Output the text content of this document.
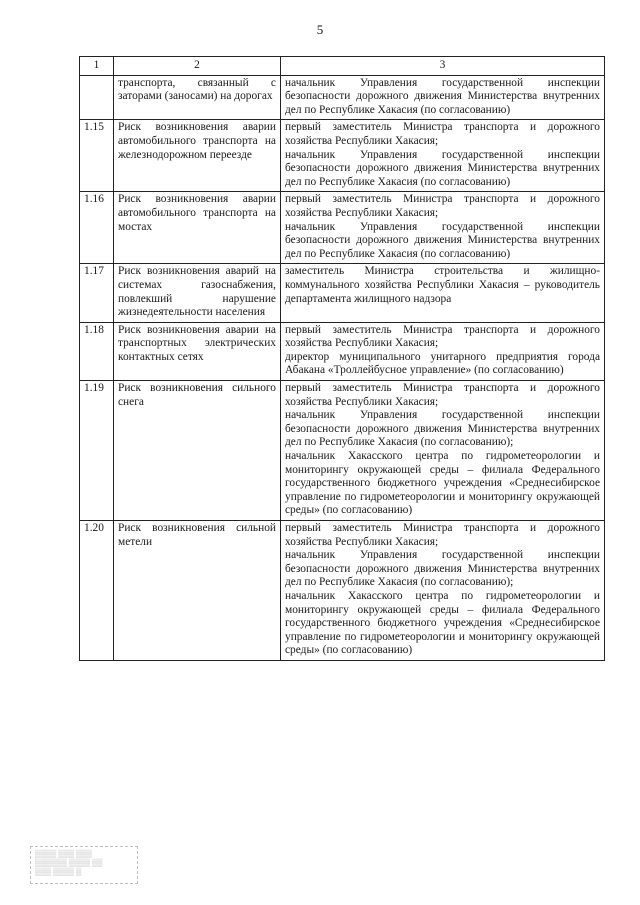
5
1	2	3
	транспорта, связанный с заторами (заносами) на дорогах	начальник Управления государственной инспекции безопасности дорожного движения Министерства внутренних дел по Республике Хакасия (по согласованию)

1.15	Риск возникновения аварии автомобильного транспорта на железнодорожном переезде	первый заместитель Министра транспорта и дорожного хозяйства Республики Хакасия;
начальник Управления государственной инспекции безопасности дорожного движения Министерства внутренних дел по Республике Хакасия (по согласованию)

1.16	Риск возникновения аварии автомобильного транспорта на мостах	первый заместитель Министра транспорта и дорожного хозяйства Республики Хакасия;
начальник Управления государственной инспекции безопасности дорожного движения Министерства внутренних дел по Республике Хакасия (по согласованию)

1.17	Риск возникновения аварий на системах газоснабжения, повлекший нарушение жизнедеятельности населения	заместитель Министра строительства и жилищно-коммунального хозяйства Республики Хакасия – руководитель департамента жилищного надзора

1.18	Риск возникновения аварии на транспортных электрических контактных сетях	первый заместитель Министра транспорта и дорожного хозяйства Республики Хакасия;
директор муниципального унитарного предприятия города Абакана «Троллейбусное управление» (по согласованию)

1.19	Риск возникновения сильного снега	первый заместитель Министра транспорта и дорожного хозяйства Республики Хакасия;
начальник Управления государственной инспекции безопасности дорожного движения Министерства внутренних дел по Республике Хакасия (по согласованию);
начальник Хакасского центра по гидрометеорологии и мониторингу окружающей среды – филиала Федерального государственного бюджетного учреждения «Среднесибирское управление по гидрометеорологии и мониторингу окружающей среды» (по согласованию)

1.20	Риск возникновения сильной метели	первый заместитель Министра транспорта и дорожного хозяйства Республики Хакасия;
начальник Управления государственной инспекции безопасности дорожного движения Министерства внутренних дел по Республике Хакасия (по согласованию);
начальник Хакасского центра по гидрометеорологии и мониторингу окружающей среды – филиала Федерального государственного бюджетного учреждения «Среднесибирское управление по гидрометеорологии и мониторингу окружающей среды» (по согласованию)
▒▒▒▒ ▒▒▒ ▒▒▒
▒▒▒▒▒▒ ▒▒▒▒ ▒▒
▒▒▒ ▒▒▒▒ ▒
